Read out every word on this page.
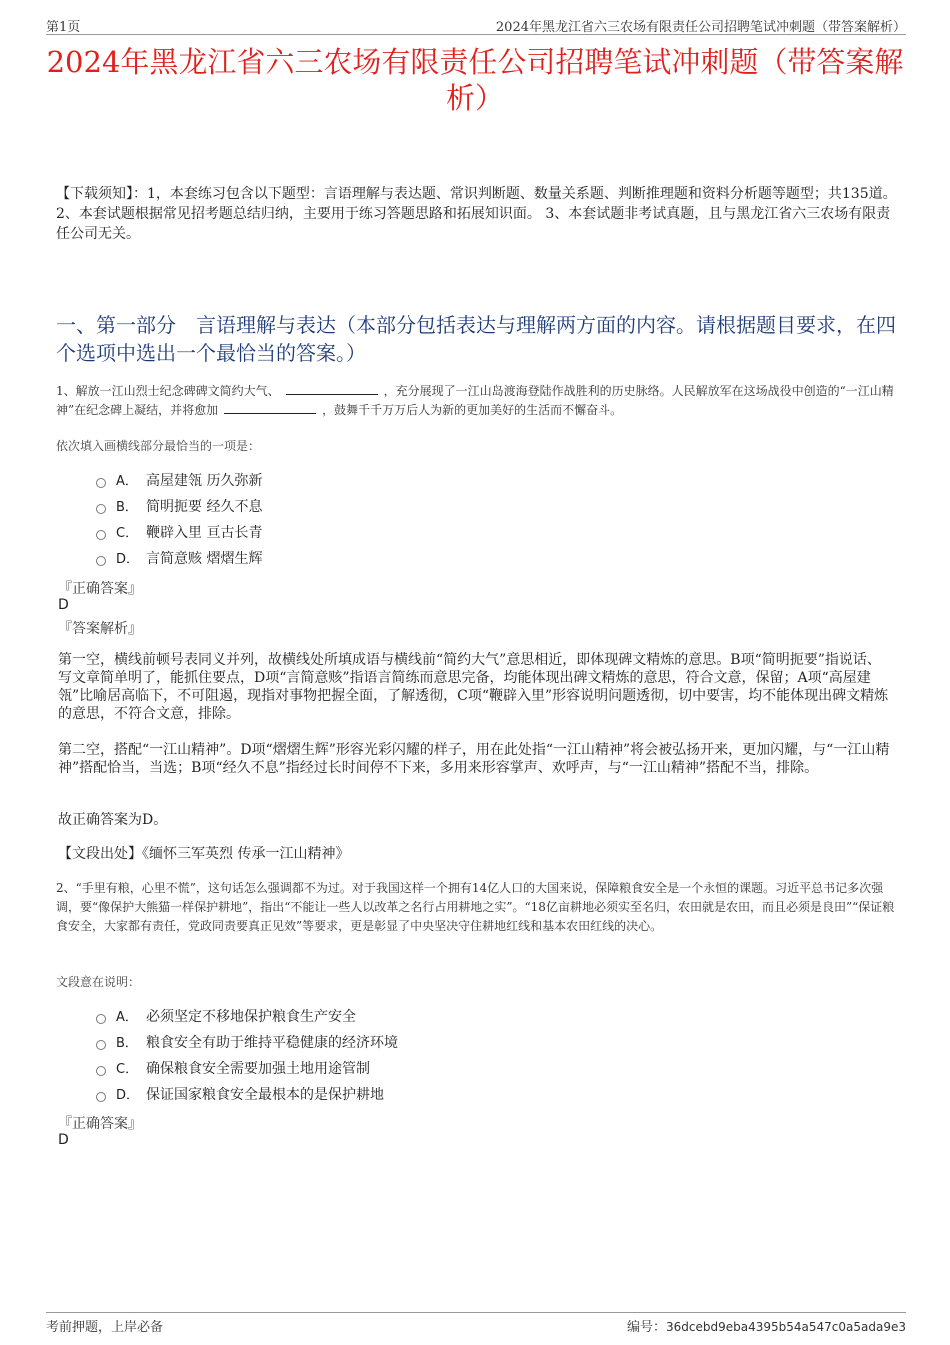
第1页	2024年黑龙江省六三农场有限责任公司招聘笔试冲刺题（带答案解析）
2024年黑龙江省六三农场有限责任公司招聘笔试冲刺题（带答案解析）

【下载须知】：1，本套练习包含以下题型：言语理解与表达题、常识判断题、数量关系题、判断推理题和资料分析题等题型；共135道。 2、本套试题根据常见招考题总结归纳，主要用于练习答题思路和拓展知识面。 3、本套试题非考试真题，且与黑龙江省六三农场有限责任公司无关。

一、第一部分　言语理解与表达（本部分包括表达与理解两方面的内容。请根据题目要求，在四个选项中选出一个最恰当的答案。）
1、解放一江山烈士纪念碑碑文简约大气、	，充分展现了一江山岛渡海登陆作战胜利的历史脉络。人民解放军在这场战役中创造的“一江山精神”在纪念碑上凝结，并将愈加	，鼓舞千千万万后人为新的更加美好的生活而不懈奋斗。
依次填入画横线部分最恰当的一项是：
A． 高屋建瓴 历久弥新
B． 简明扼要 经久不息
C． 鞭辟入里 亘古长青
D． 言简意赅 熠熠生辉
『正确答案』
D
『答案解析』

第一空，横线前顿号表同义并列，故横线处所填成语与横线前“简约大气”意思相近，即体现碑文精炼的意思。B项“简明扼要”指说话、写文章简单明了，能抓住要点，D项“言简意赅”指语言简练而意思完备，均能体现出碑文精炼的意思，符合文意，保留；A项“高屋建瓴”比喻居高临下，不可阻遏，现指对事物把握全面，了解透彻，C项“鞭辟入里”形容说明问题透彻，切中要害，均不能体现出碑文精炼的意思，不符合文意，排除。

第二空，搭配“一江山精神”。D项“熠熠生辉”形容光彩闪耀的样子，用在此处指“一江山精神”将会被弘扬开来，更加闪耀，与“一江山精神”搭配恰当，当选；B项“经久不息”指经过长时间停不下来，多用来形容掌声、欢呼声，与“一江山精神”搭配不当，排除。

故正确答案为D。

【文段出处】《缅怀三军英烈 传承一江山精神》

2、“手里有粮，心里不慌”，这句话怎么强调都不为过。对于我国这样一个拥有14亿人口的大国来说，保障粮食安全是一个永恒的课题。习近平总书记多次强调，要“像保护大熊猫一样保护耕地”，指出“不能让一些人以改革之名行占用耕地之实”。“18亿亩耕地必须实至名归，农田就是农田，而且必须是良田”“保证粮食安全，大家都有责任，党政同责要真正见效”等要求，更是彰显了中央坚决守住耕地红线和基本农田红线的决心。
文段意在说明：
A． 必须坚定不移地保护粮食生产安全
B． 粮食安全有助于维持平稳健康的经济环境
C． 确保粮食安全需要加强土地用途管制
D． 保证国家粮食安全最根本的是保护耕地
『正确答案』
D
考前押题，上岸必备	编号：36dcebd9eba4395b54a547c0a5ada9e3
